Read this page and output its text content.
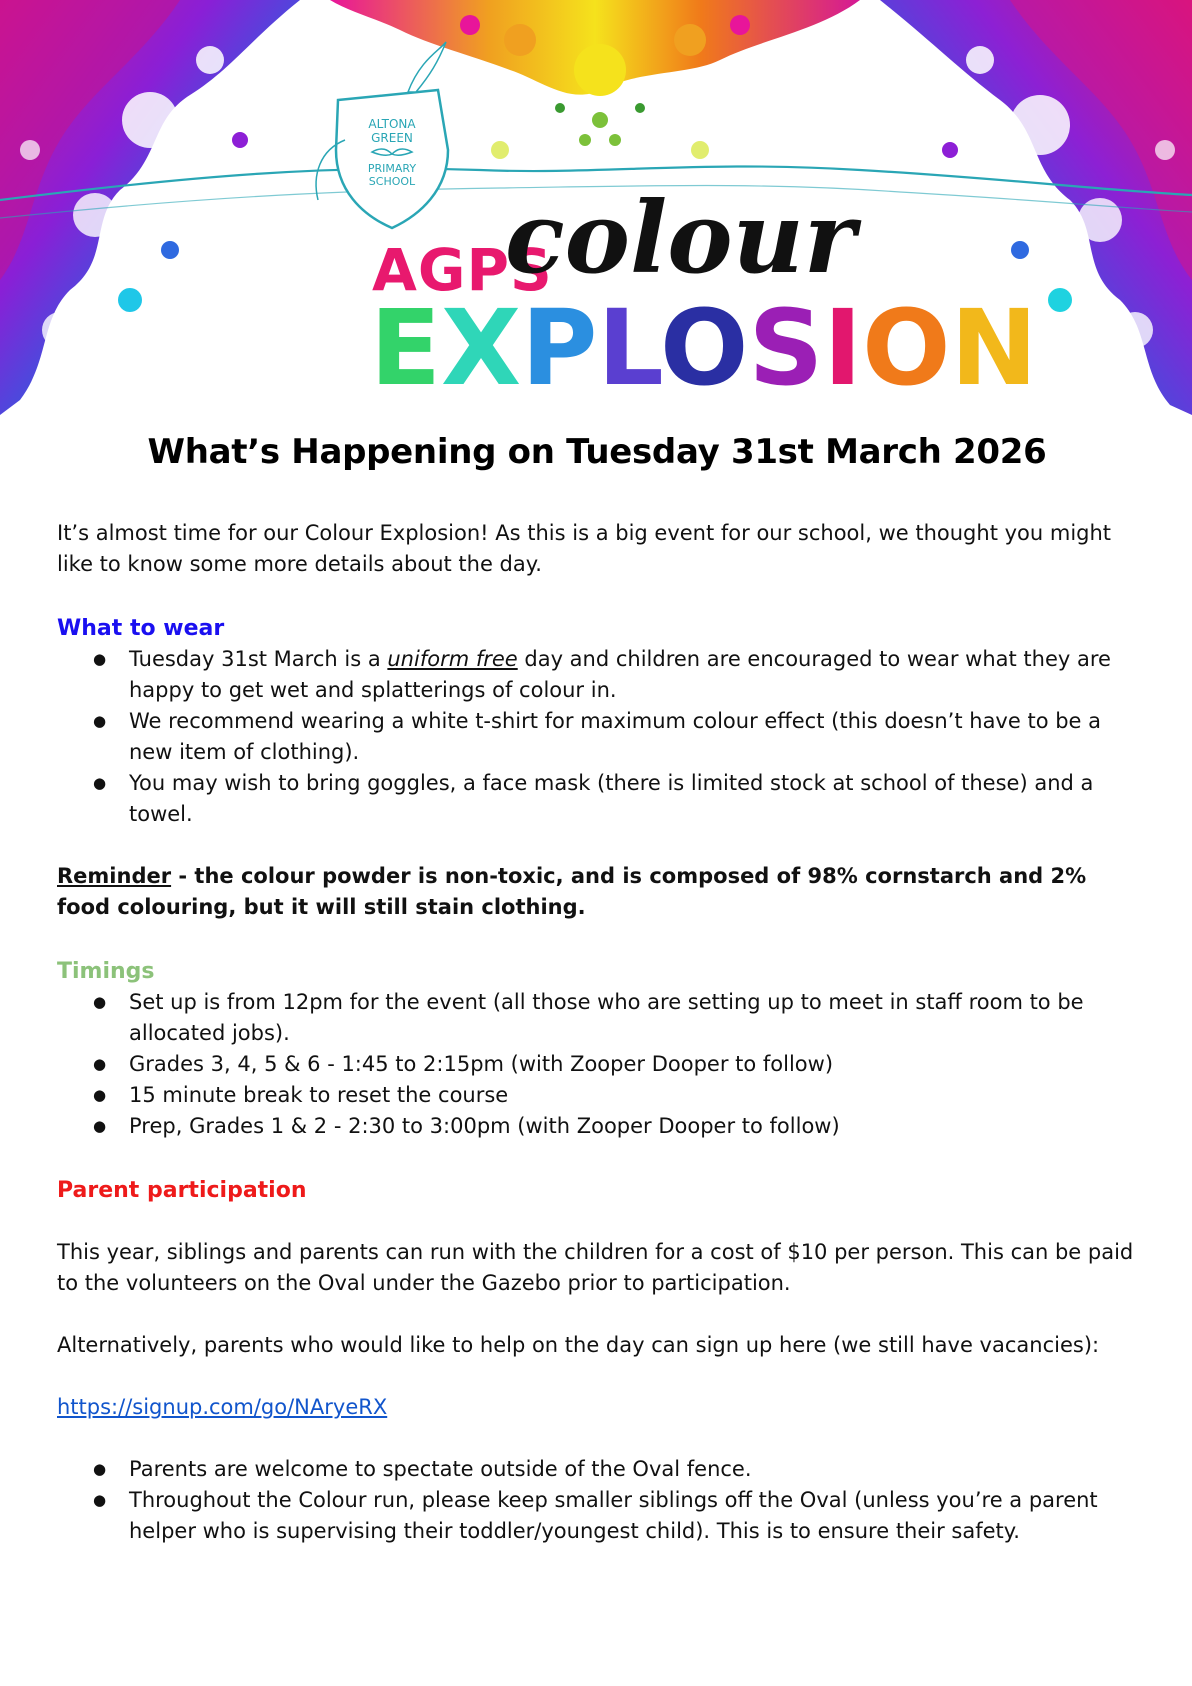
ALTONA
GREEN
PRIMARY
SCHOOL
AGPS
colour
EXPLOSION
What’s Happening on Tuesday 31st March 2026

It’s almost time for our Colour Explosion! As this is a big event for our school, we thought you might like to know some more details about the day.

What to wear
● Tuesday 31st March is a uniform free day and children are encouraged to wear what they are happy to get wet and splatterings of colour in.
● We recommend wearing a white t-shirt for maximum colour effect (this doesn’t have to be a new item of clothing).
● You may wish to bring goggles, a face mask (there is limited stock at school of these) and a towel.

Reminder - the colour powder is non-toxic, and is composed of 98% cornstarch and 2% food colouring, but it will still stain clothing.

Timings
● Set up is from 12pm for the event (all those who are setting up to meet in staff room to be allocated jobs).
● Grades 3, 4, 5 & 6 - 1:45 to 2:15pm (with Zooper Dooper to follow)
● 15 minute break to reset the course
● Prep, Grades 1 & 2 - 2:30 to 3:00pm (with Zooper Dooper to follow)
Parent participation

This year, siblings and parents can run with the children for a cost of $10 per person. This can be paid to the volunteers on the Oval under the Gazebo prior to participation.

Alternatively, parents who would like to help on the day can sign up here (we still have vacancies):

https://signup.com/go/NAryeRX

● Parents are welcome to spectate outside of the Oval fence.
● Throughout the Colour run, please keep smaller siblings off the Oval (unless you’re a parent helper who is supervising their toddler/youngest child). This is to ensure their safety.
